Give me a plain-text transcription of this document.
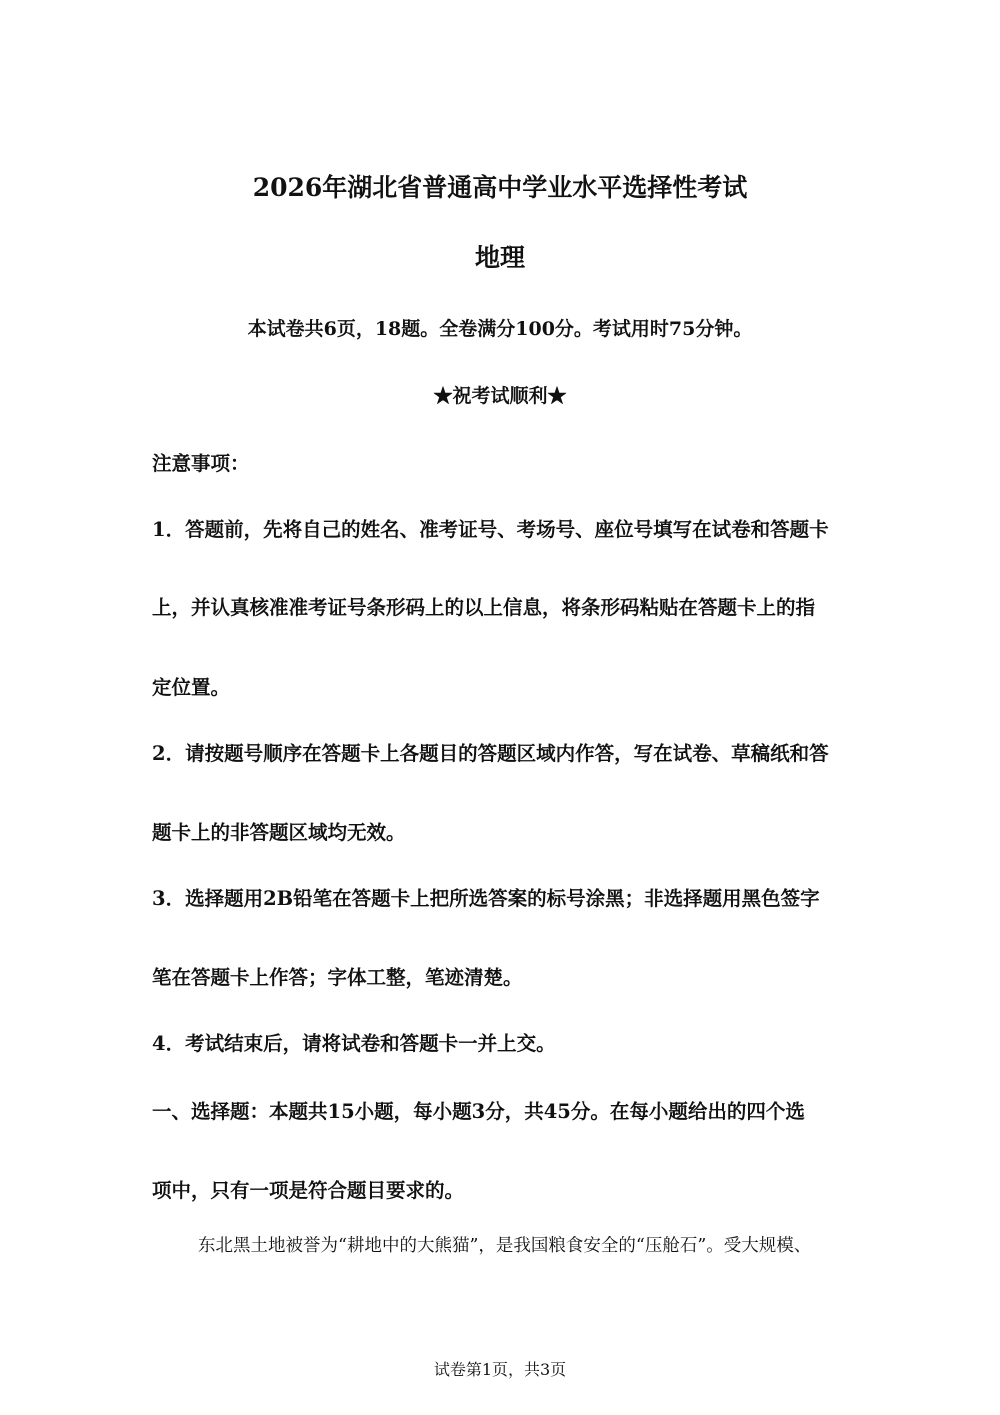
2026年湖北省普通高中学业水平选择性考试
地理
本试卷共6页，18题。全卷满分100分。考试用时75分钟。
★祝考试顺利★
注意事项：
1．答题前，先将自己的姓名、准考证号、考场号、座位号填写在试卷和答题卡
上，并认真核准准考证号条形码上的以上信息，将条形码粘贴在答题卡上的指
定位置。
2．请按题号顺序在答题卡上各题目的答题区域内作答，写在试卷、草稿纸和答
题卡上的非答题区域均无效。
3．选择题用2B铅笔在答题卡上把所选答案的标号涂黑；非选择题用黑色签字
笔在答题卡上作答；字体工整，笔迹清楚。
4．考试结束后，请将试卷和答题卡一并上交。
一、选择题：本题共15小题，每小题3分，共45分。在每小题给出的四个选
项中，只有一项是符合题目要求的。
东北黑土地被誉为“耕地中的大熊猫”，是我国粮食安全的“压舱石”。受大规模、
试卷第1页，共3页
